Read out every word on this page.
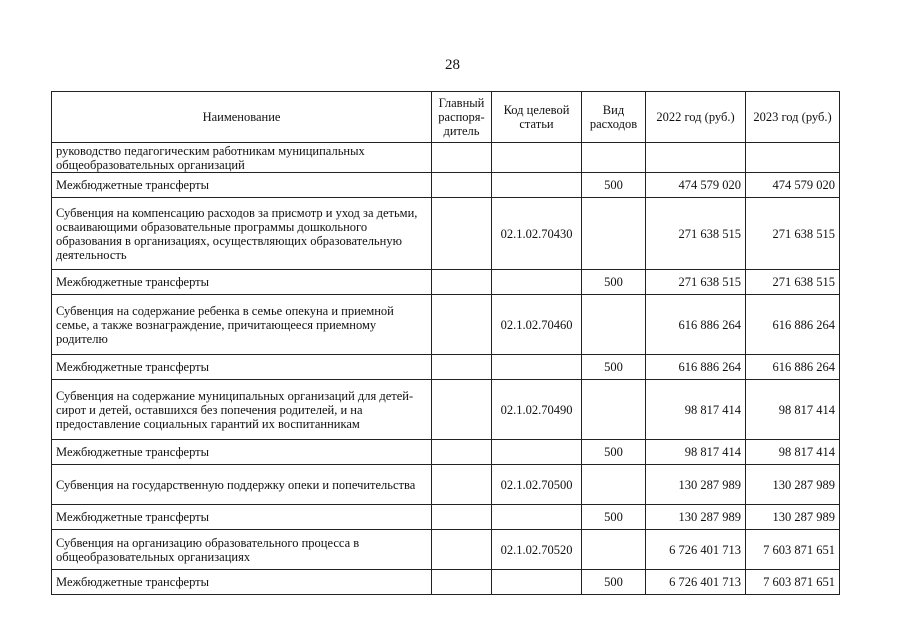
28
Наименование	Главный распоря-дитель	Код целевой статьи	Вид расходов	2022 год (руб.)	2023 год (руб.)
руководство педагогическим работникам муниципальных общеобразовательных организаций					
Межбюджетные трансферты			500	474 579 020	474 579 020
Субвенция на компенсацию расходов за присмотр и уход за детьми, осваивающими образовательные программы дошкольного образования в организациях, осуществляющих образовательную деятельность		02.1.02.70430		271 638 515	271 638 515
Межбюджетные трансферты			500	271 638 515	271 638 515
Субвенция на содержание ребенка в семье опекуна и приемной семье, а также вознаграждение, причитающееся приемному родителю		02.1.02.70460		616 886 264	616 886 264
Межбюджетные трансферты			500	616 886 264	616 886 264
Субвенция на содержание муниципальных организаций для детей-сирот и детей, оставшихся без попечения родителей, и на предоставление социальных гарантий их воспитанникам		02.1.02.70490		98 817 414	98 817 414
Межбюджетные трансферты			500	98 817 414	98 817 414
Субвенция на государственную поддержку опеки и попечительства		02.1.02.70500		130 287 989	130 287 989
Межбюджетные трансферты			500	130 287 989	130 287 989
Субвенция на организацию образовательного процесса в общеобразовательных организациях		02.1.02.70520		6 726 401 713	7 603 871 651
Межбюджетные трансферты			500	6 726 401 713	7 603 871 651
